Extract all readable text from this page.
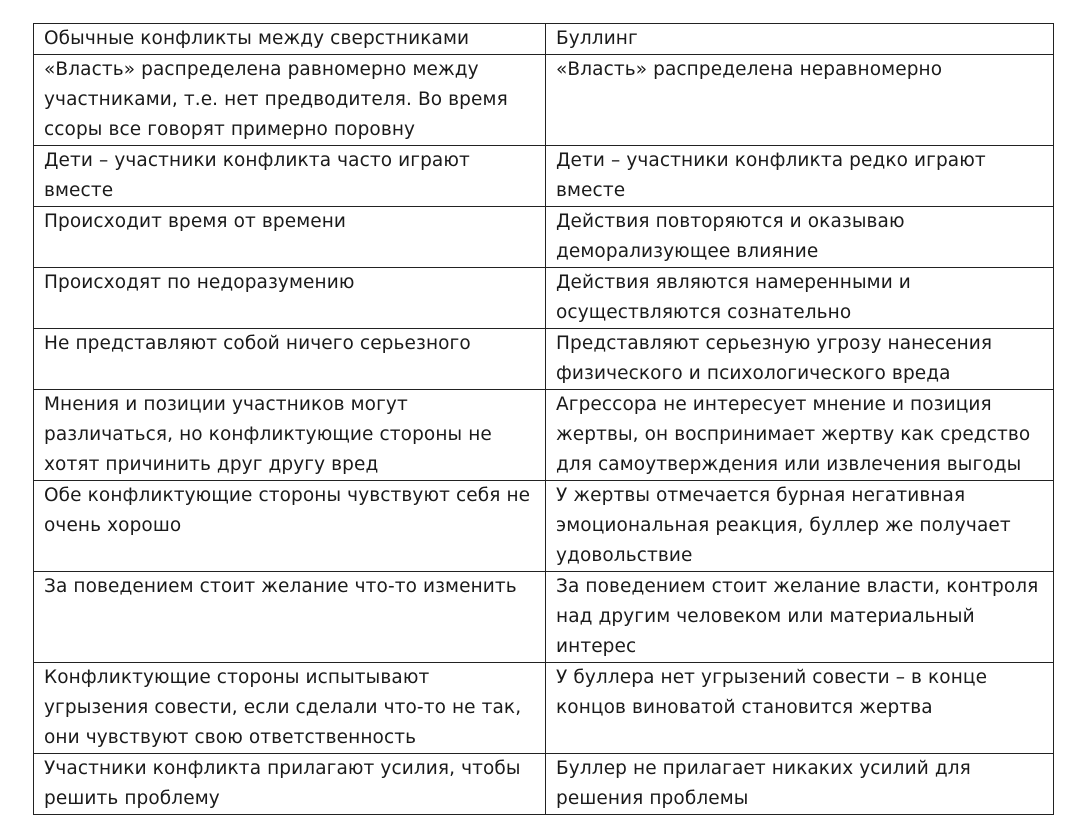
Обычные конфликты между сверстниками	Буллинг
«Власть» распределена равномерно между участниками, т.е. нет предводителя. Во время ссоры все говорят примерно поровну	«Власть» распределена неравномерно
Дети – участники конфликта часто играют вместе	Дети – участники конфликта редко играют вместе
Происходит время от времени	Действия повторяются и оказываю деморализующее влияние
Происходят по недоразумению	Действия являются намеренными и осуществляются сознательно
Не представляют собой ничего серьезного	Представляют серьезную угрозу нанесения физического и психологического вреда
Мнения и позиции участников могут различаться, но конфликтующие стороны не хотят причинить друг другу вред	Агрессора не интересует мнение и позиция жертвы, он воспринимает жертву как средство для самоутверждения или извлечения выгоды
Обе конфликтующие стороны чувствуют себя не очень хорошо	У жертвы отмечается бурная негативная эмоциональная реакция, буллер же получает удовольствие
За поведением стоит желание что-то изменить	За поведением стоит желание власти, контроля над другим человеком или материальный интерес
Конфликтующие стороны испытывают угрызения совести, если сделали что-то не так, они чувствуют свою ответственность	У буллера нет угрызений совести – в конце концов виноватой становится жертва
Участники конфликта прилагают усилия, чтобы решить проблему	Буллер не прилагает никаких усилий для решения проблемы
